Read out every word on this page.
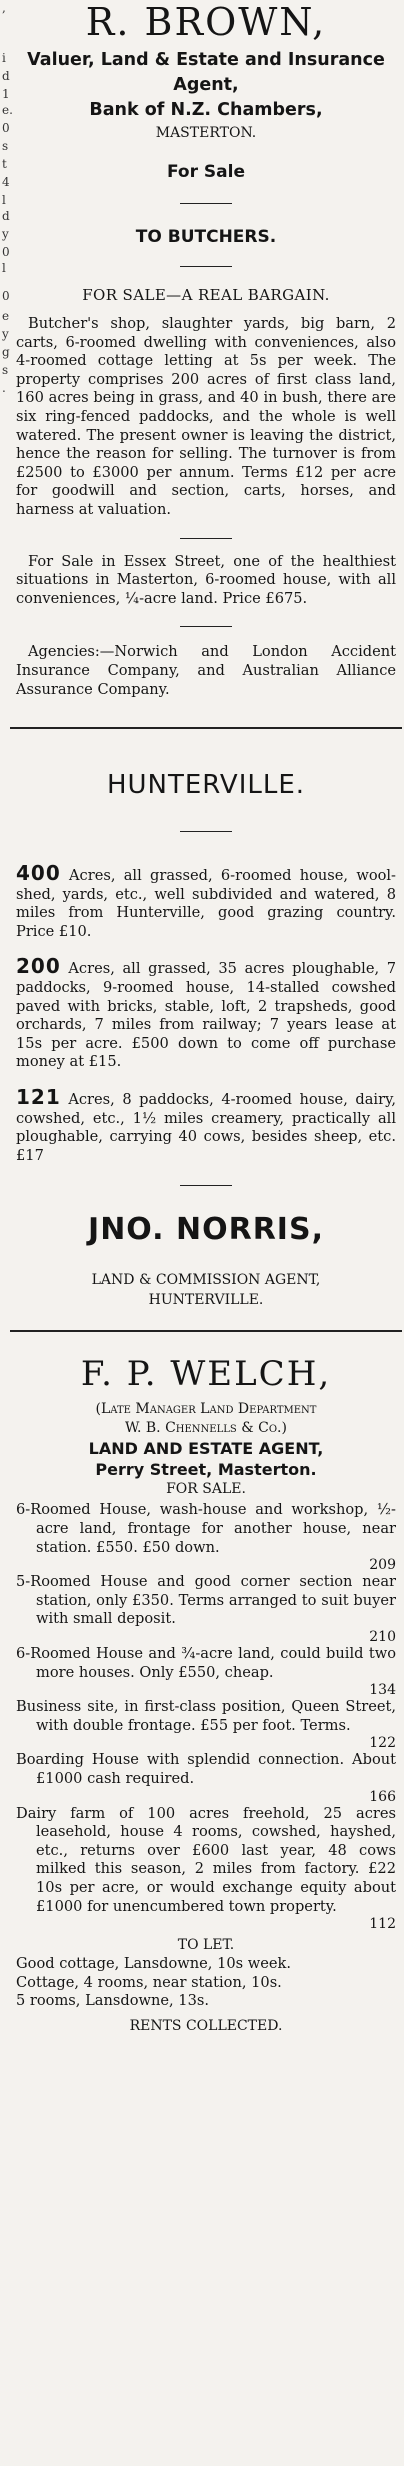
,
i
d
1
e.
0
s
t
4
l
d
y
0
l
0
e
y
g
s
.
R. BROWN,
Valuer, Land & Estate and Insurance Agent,
Bank of N.Z. Chambers,
MASTERTON.
For Sale
TO BUTCHERS.
FOR SALE—A REAL BARGAIN.

Butcher's shop, slaughter yards, big barn, 2 carts, 6-roomed dwelling with conveniences, also 4-roomed cottage letting at 5s per week. The property comprises 200 acres of first class land, 160 acres being in grass, and 40 in bush, there are six ring-fenced paddocks, and the whole is well watered. The present owner is leaving the district, hence the reason for selling. The turnover is from £2500 to £3000 per annum. Terms £12 per acre for goodwill and section, carts, horses, and harness at valuation.

For Sale in Essex Street, one of the healthiest situations in Masterton, 6-roomed house, with all conveniences, ¼-acre land. Price £675.

Agencies:—Norwich and London Accident Insurance Company, and Australian Alliance Assurance Company.

HUNTERVILLE.

400 Acres, all grassed, 6-roomed house, wool-shed, yards, etc., well subdivided and watered, 8 miles from Hunterville, good grazing country. Price £10.

200 Acres, all grassed, 35 acres ploughable, 7 paddocks, 9-roomed house, 14-stalled cowshed paved with bricks, stable, loft, 2 trapsheds, good orchards, 7 miles from railway; 7 years lease at 15s per acre. £500 down to come off purchase money at £15.

121 Acres, 8 paddocks, 4-roomed house, dairy, cowshed, etc., 1½ miles creamery, practically all ploughable, carrying 40 cows, besides sheep, etc. £17

JNO. NORRIS,
LAND & COMMISSION AGENT,
HUNTERVILLE.
F. P. WELCH,
(Late Manager Land Department
W. B. Chennells & Co.)
LAND AND ESTATE AGENT,
Perry Street, Masterton.
FOR SALE.

6-Roomed House, wash-house and workshop, ½-acre land, frontage for another house, near station. £550. £50 down.

209

5-Roomed House and good corner section near station, only £350. Terms arranged to suit buyer with small deposit.

210

6-Roomed House and ¾-acre land, could build two more houses. Only £550, cheap.

134

Business site, in first-class position, Queen Street, with double frontage. £55 per foot. Terms.

122

Boarding House with splendid connection. About £1000 cash required.

166

Dairy farm of 100 acres freehold, 25 acres leasehold, house 4 rooms, cowshed, hayshed, etc., returns over £600 last year, 48 cows milked this season, 2 miles from factory. £22 10s per acre, or would exchange equity about £1000 for unencumbered town property.

112
TO LET.
Good cottage, Lansdowne, 10s week.
Cottage, 4 rooms, near station, 10s.
5 rooms, Lansdowne, 13s.
RENTS COLLECTED.
